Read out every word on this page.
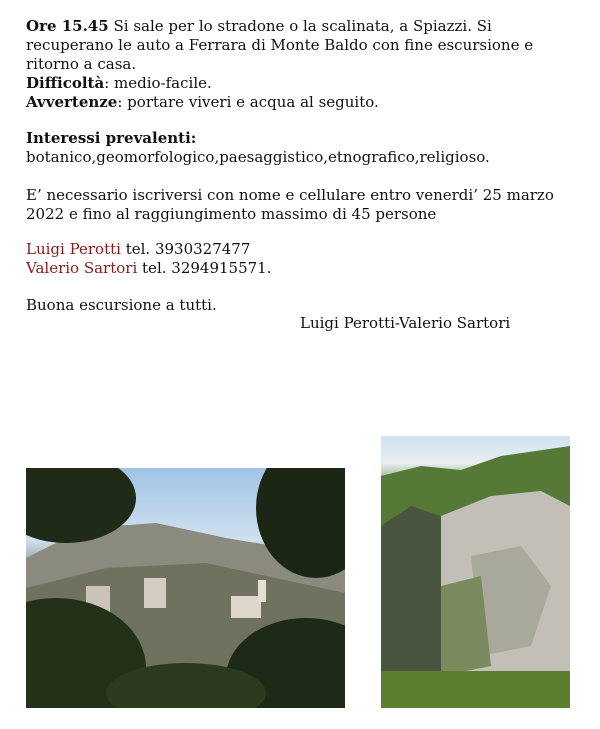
Ore 15.45 Si sale per lo stradone o la scalinata, a Spiazzi. Si recuperano le auto a Ferrara di Monte Baldo con fine escursione e ritorno a casa.

Difficoltà: medio-facile.
Avvertenze: portare viveri e acqua al seguito.

Interessi prevalenti:
botanico,geomorfologico,paesaggistico,etnografico,religioso.

E’ necessario iscriversi con nome e cellulare entro venerdi’ 25 marzo 2022 e fino al raggiungimento massimo di 45 persone

Luigi Perotti tel. 3930327477
Valerio Sartori tel. 3294915571.

Buona escursione a tutti.

Luigi Perotti-Valerio Sartori
